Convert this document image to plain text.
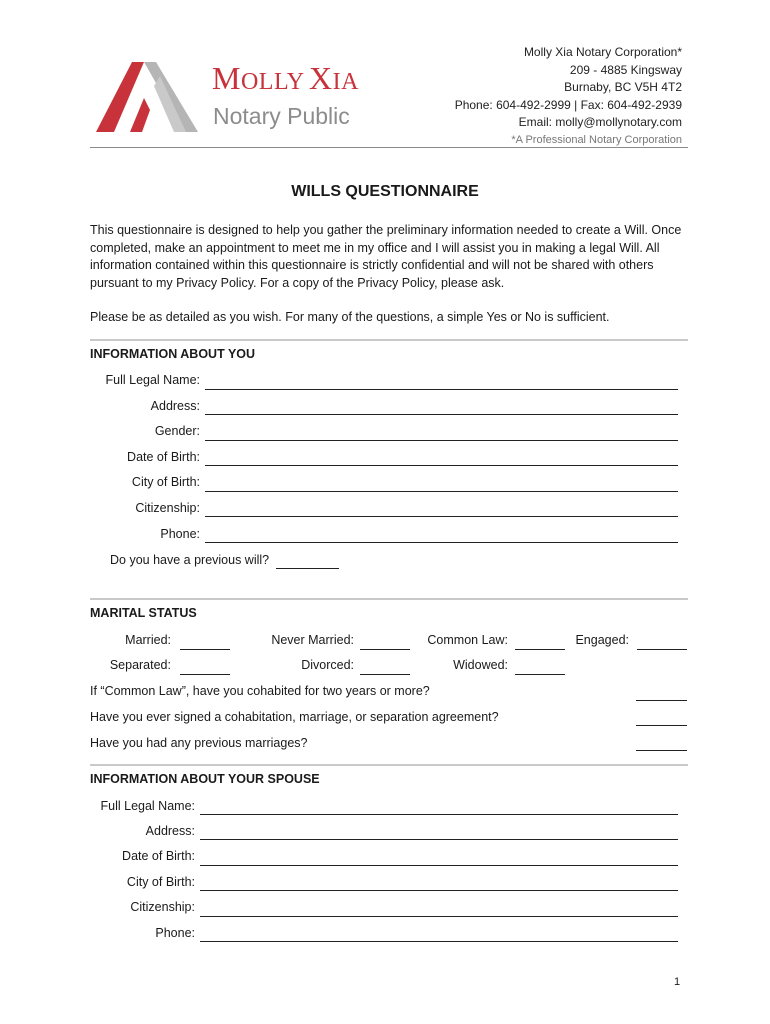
MOLLY XIA
Notary Public
Molly Xia Notary Corporation*
209 - 4885 Kingsway
Burnaby, BC V5H 4T2
Phone: 604-492-2999 | Fax: 604-492-2939
Email: molly@mollynotary.com
*A Professional Notary Corporation
WILLS QUESTIONNAIRE
This questionnaire is designed to help you gather the preliminary information needed to create a Will. Once completed, make an appointment to meet me in my office and I will assist you in making a legal Will. All information contained within this questionnaire is strictly confidential and will not be shared with others pursuant to my Privacy Policy. For a copy of the Privacy Policy, please ask.
Please be as detailed as you wish. For many of the questions, a simple Yes or No is sufficient.
INFORMATION ABOUT YOU
Full Legal Name:
Address:
Gender:
Date of Birth:
City of Birth:
Citizenship:
Phone:
Do you have a previous will?
MARITAL STATUS
Married:	Never Married:	Common Law:	Engaged:
Separated:	Divorced:	Widowed:
If “Common Law”, have you cohabited for two years or more?
Have you ever signed a cohabitation, marriage, or separation agreement?
Have you had any previous marriages?
INFORMATION ABOUT YOUR SPOUSE
Full Legal Name:
Address:
Date of Birth:
City of Birth:
Citizenship:
Phone:
1
